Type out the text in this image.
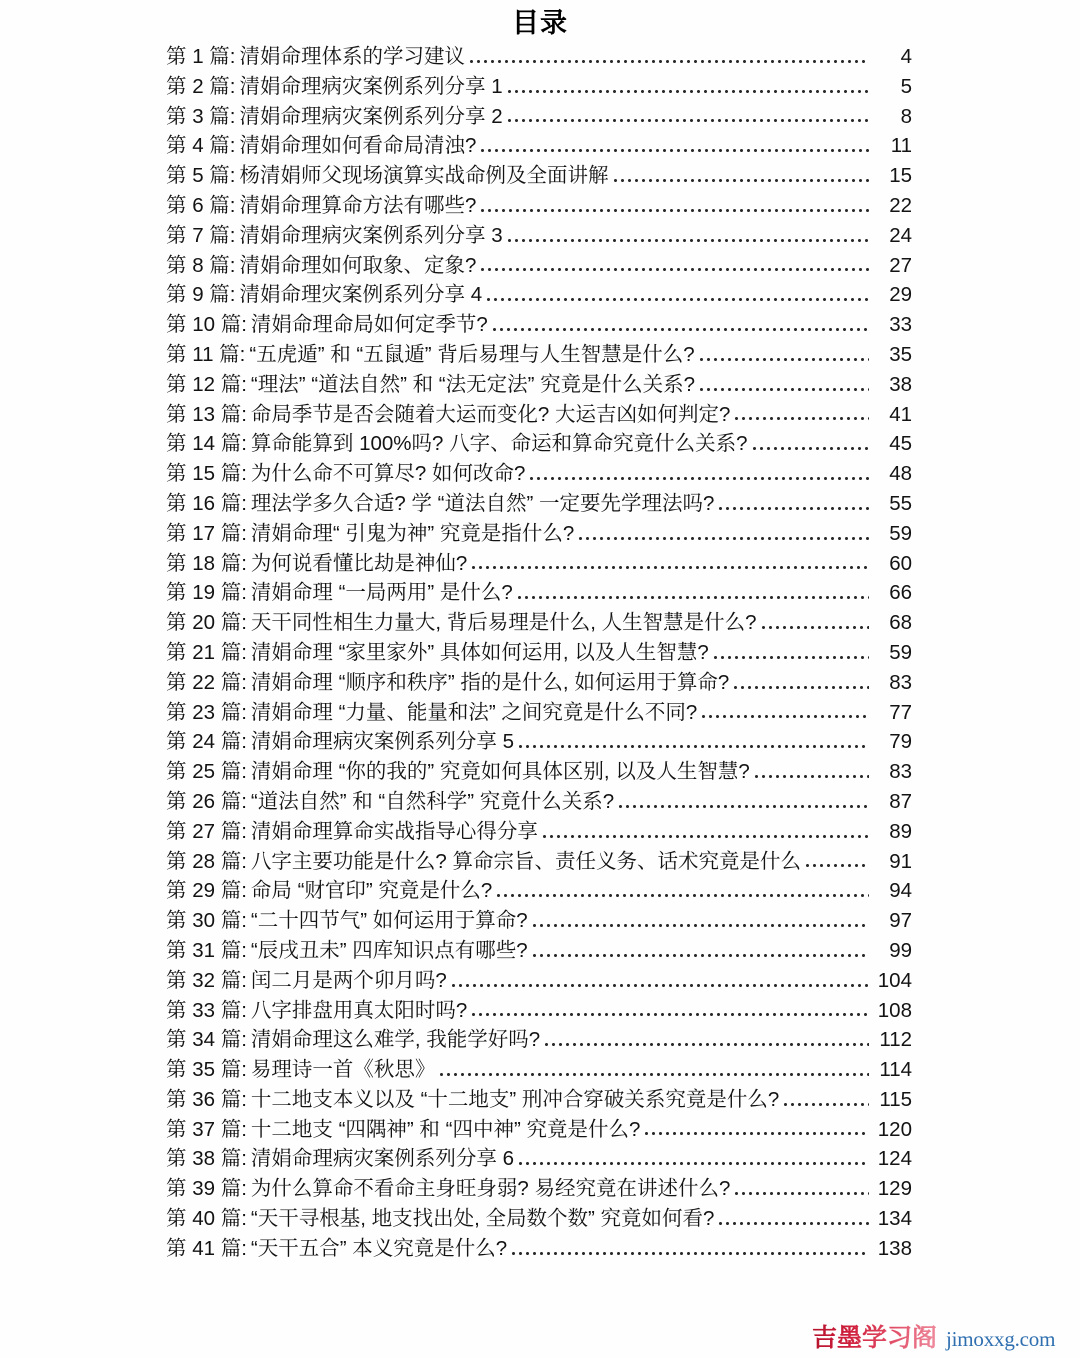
目录
第 1 篇: 清娟命理体系的学习建议	4
第 2 篇: 清娟命理病灾案例系列分享 1	5
第 3 篇: 清娟命理病灾案例系列分享 2	8
第 4 篇: 清娟命理如何看命局清浊?	11
第 5 篇: 杨清娟师父现场演算实战命例及全面讲解	15
第 6 篇: 清娟命理算命方法有哪些?	22
第 7 篇: 清娟命理病灾案例系列分享 3	24
第 8 篇: 清娟命理如何取象、定象?	27
第 9 篇: 清娟命理灾案例系列分享 4	29
第 10 篇: 清娟命理命局如何定季节?	33
第 11 篇: “五虎遁” 和 “五鼠遁” 背后易理与人生智慧是什么?	35
第 12 篇: “理法” “道法自然” 和 “法无定法” 究竟是什么关系?	38
第 13 篇: 命局季节是否会随着大运而变化? 大运吉凶如何判定?	41
第 14 篇: 算命能算到 100%吗? 八字、命运和算命究竟什么关系?	45
第 15 篇: 为什么命不可算尽? 如何改命?	48
第 16 篇: 理法学多久合适? 学 “道法自然” 一定要先学理法吗?	55
第 17 篇: 清娟命理“ 引鬼为神” 究竟是指什么?	59
第 18 篇: 为何说看懂比劫是神仙?	60
第 19 篇: 清娟命理 “一局两用” 是什么?	66
第 20 篇: 天干同性相生力量大, 背后易理是什么, 人生智慧是什么?	68
第 21 篇: 清娟命理 “家里家外” 具体如何运用, 以及人生智慧?	59
第 22 篇: 清娟命理 “顺序和秩序” 指的是什么, 如何运用于算命?	83
第 23 篇: 清娟命理 “力量、能量和法” 之间究竟是什么不同?	77
第 24 篇: 清娟命理病灾案例系列分享 5	79
第 25 篇: 清娟命理 “你的我的” 究竟如何具体区别, 以及人生智慧?	83
第 26 篇: “道法自然” 和 “自然科学” 究竟什么关系?	87
第 27 篇: 清娟命理算命实战指导心得分享	89
第 28 篇: 八字主要功能是什么? 算命宗旨、责任义务、话术究竟是什么	91
第 29 篇: 命局 “财官印” 究竟是什么?	94
第 30 篇: “二十四节气” 如何运用于算命?	97
第 31 篇: “辰戌丑未” 四库知识点有哪些?	99
第 32 篇: 闰二月是两个卯月吗?	104
第 33 篇: 八字排盘用真太阳时吗?	108
第 34 篇: 清娟命理这么难学, 我能学好吗?	112
第 35 篇: 易理诗一首《秋思》	114
第 36 篇: 十二地支本义以及 “十二地支” 刑冲合穿破关系究竟是什么?	115
第 37 篇: 十二地支 “四隅神” 和 “四中神” 究竟是什么?	120
第 38 篇: 清娟命理病灾案例系列分享 6	124
第 39 篇: 为什么算命不看命主身旺身弱? 易经究竟在讲述什么?	129
第 40 篇: “天干寻根基, 地支找出处, 全局数个数” 究竟如何看?	134
第 41 篇: “天干五合” 本义究竟是什么?	138
吉墨学习阁 jimoxxg.com
